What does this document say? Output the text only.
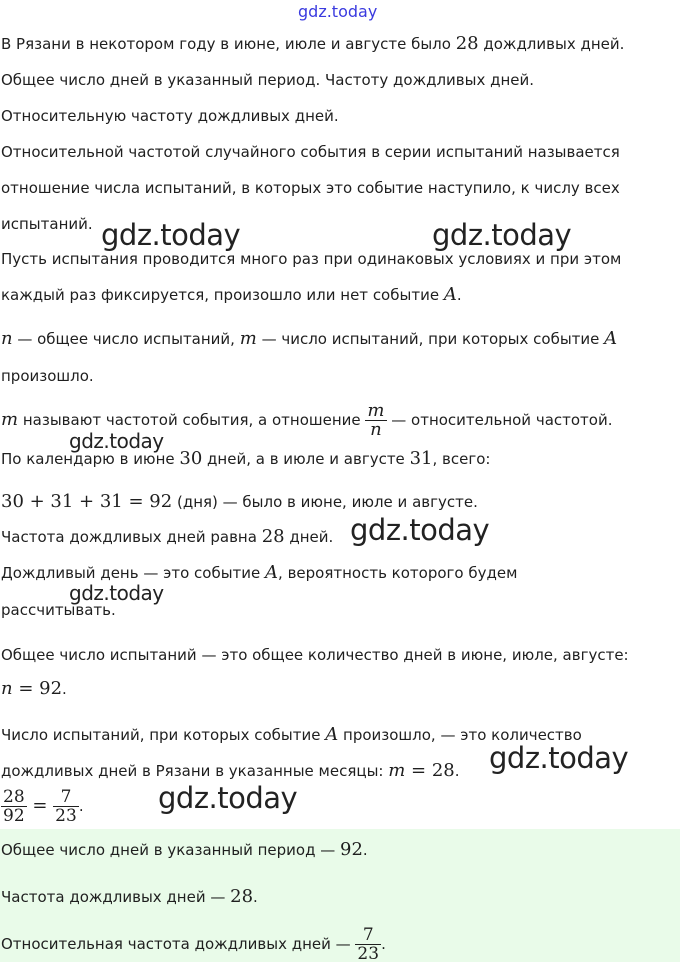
gdz.today
В Рязани в некотором году в июне, июле и августе было 28 дождливых дней.
Общее число дней в указанный период. Частоту дождливых дней.
Относительную частоту дождливых дней.
Относительной частотой случайного события в серии испытаний называется
отношение числа испытаний, в которых это событие наступило, к числу всех
испытаний.
Пусть испытания проводится много раз при одинаковых условиях и при этом
каждый раз фиксируется, произошло или нет событие A.
n — общее число испытаний, m — число испытаний, при которых событие A
произошло.
m называют частотой события, а отношение $\frac{m}{n}$ — относительной частотой.
По календарю в июне 30 дней, а в июле и августе 31, всего:
30 + 31 + 31 = 92 (дня) — было в июне, июле и августе.
Частота дождливых дней равна 28 дней.
Дождливый день — это событие A, вероятность которого будем
рассчитывать.
Общее число испытаний — это общее количество дней в июне, июле, августе:
n = 92.
Число испытаний, при которых событие A произошло, — это количество
дождливых дней в Рязани в указанные месяцы: m = 28.
$\frac{28}{92} = \frac{7}{23}$ .
Общее число дней в указанный период — 92.
Частота дождливых дней — 28.
Относительная частота дождливых дней — $\frac{7}{23}$ .
gdz.today	gdz.today
gdz.today
gdz.today
gdz.today
gdz.today
gdz.today
